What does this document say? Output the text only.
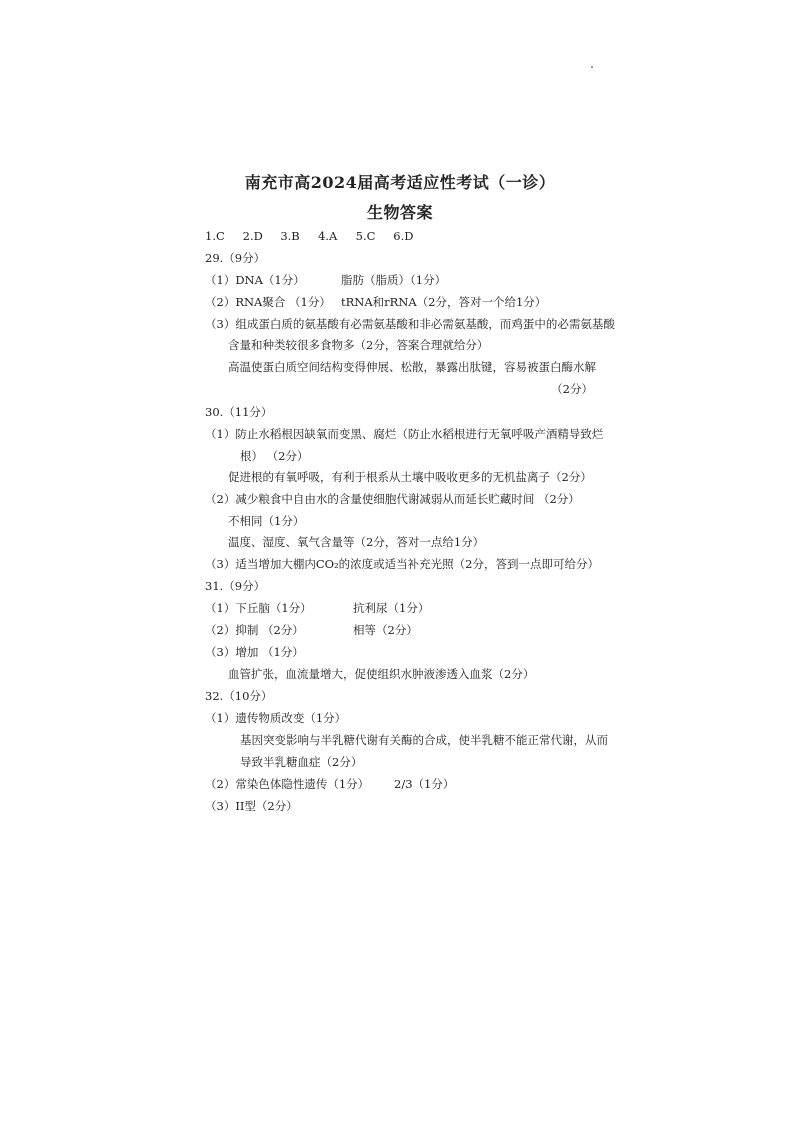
南充市高2024届高考适应性考试（一诊）
生物答案
1.C 2.D 3.B 4.A 5.C 6.D
29.（9分）
（1）DNA（1分）	脂肪（脂质）（1分）
（2）RNA聚合 （1分） tRNA和rRNA（2分，答对一个给1分）
（3）组成蛋白质的氨基酸有必需氨基酸和非必需氨基酸，而鸡蛋中的必需氨基酸
含量和种类较很多食物多（2分，答案合理就给分）
高温使蛋白质空间结构变得伸展、松散，暴露出肽键，容易被蛋白酶水解
（2分）
30.（11分）
（1）防止水稻根因缺氧而变黑、腐烂（防止水稻根进行无氧呼吸产酒精导致烂
根） （2分）
促进根的有氧呼吸，有利于根系从土壤中吸收更多的无机盐离子（2分）
（2）减少粮食中自由水的含量使细胞代谢减弱从而延长贮藏时间 （2分）
不相同（1分）
温度、湿度、氧气含量等（2分，答对一点给1分）
（3）适当增加大棚内CO₂的浓度或适当补充光照（2分，答到一点即可给分）
31.（9分）
（1）下丘脑（1分）	抗利尿（1分）
（2）抑制 （2分）	相等（2分）
（3）增加 （1分）
血管扩张，血流量增大，促使组织水肿液渗透入血浆（2分）
32.（10分）
（1）遗传物质改变（1分）
基因突变影响与半乳糖代谢有关酶的合成，使半乳糖不能正常代谢，从而
导致半乳糖血症（2分）
（2）常染色体隐性遗传（1分） 2/3（1分）
（3）II型（2分）
